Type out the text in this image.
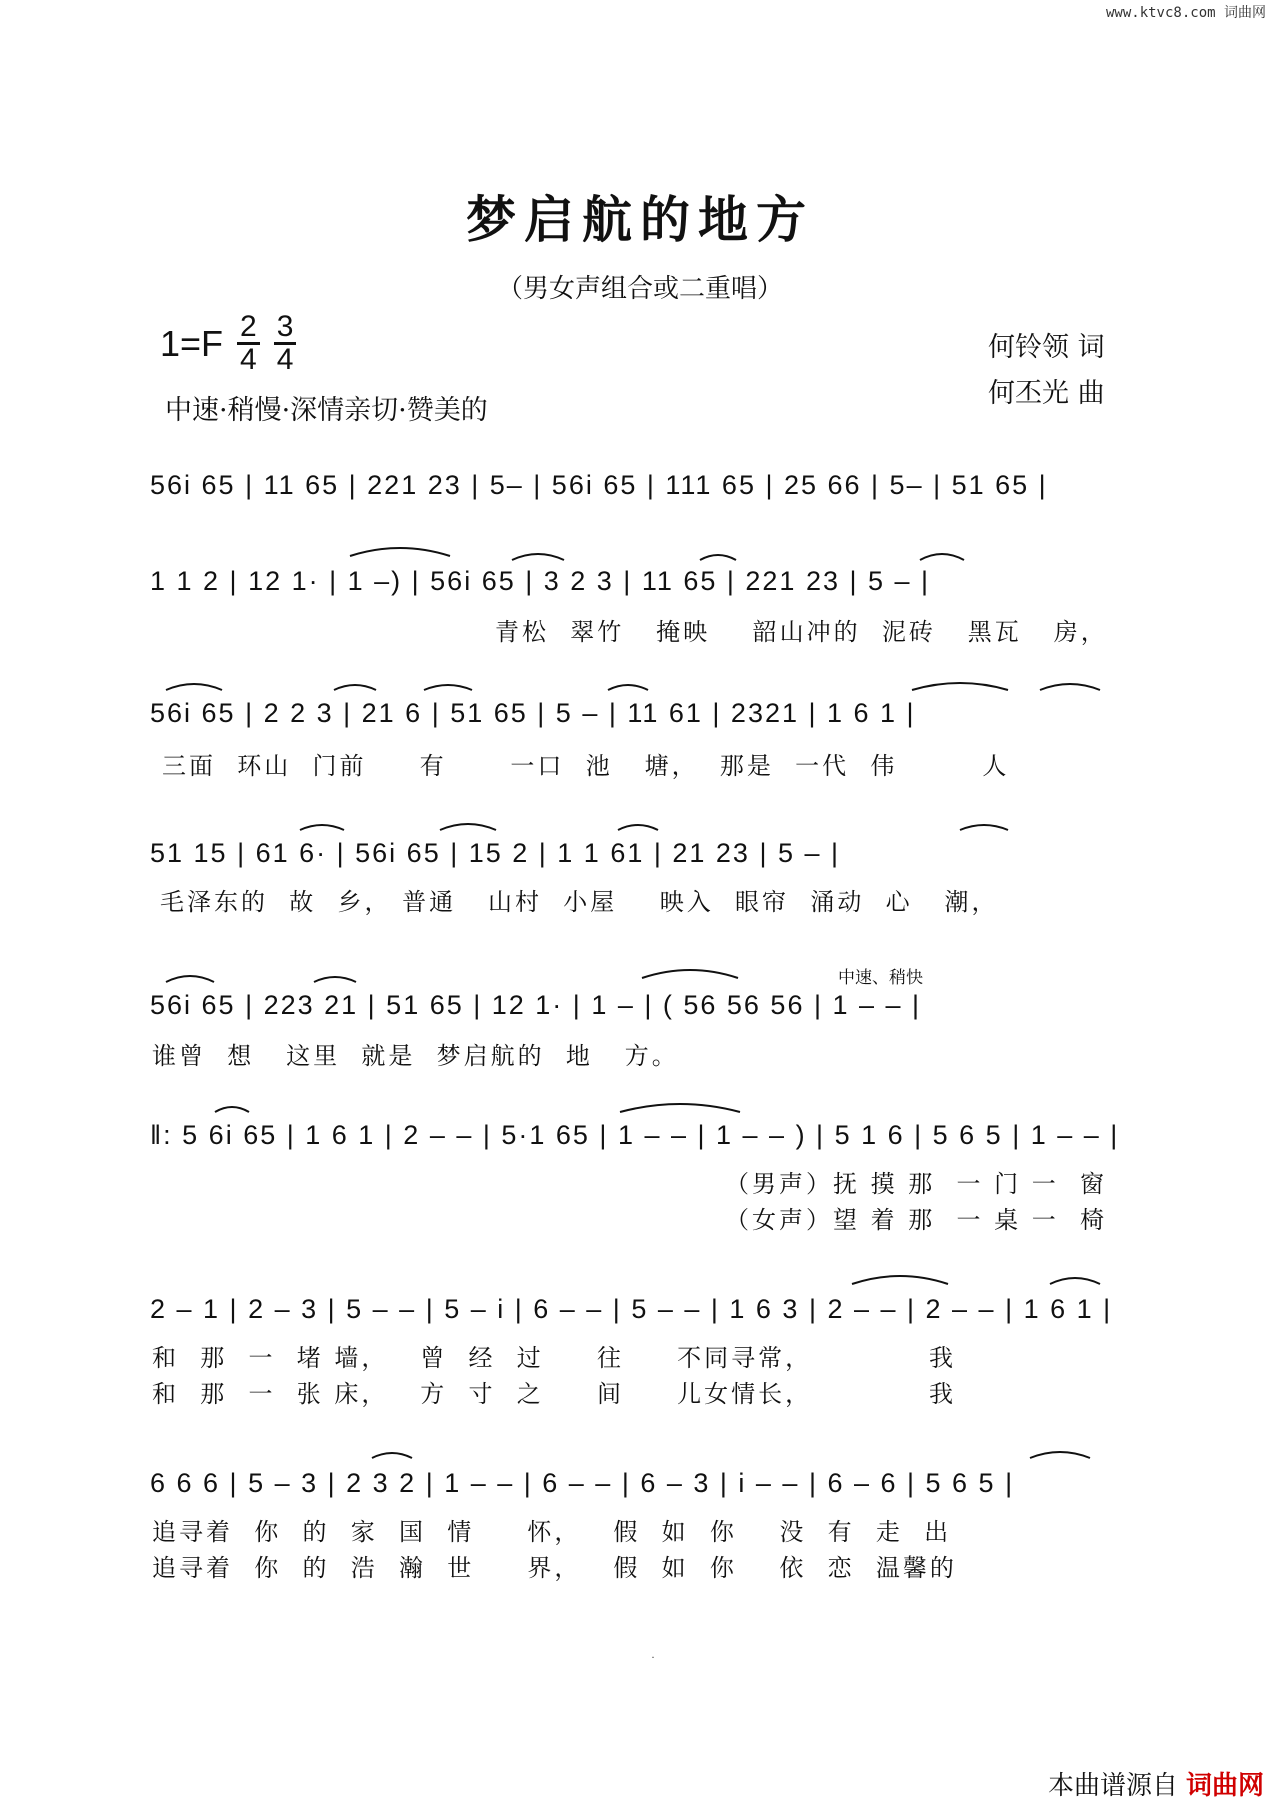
www.ktvc8.com 词曲网
梦启航的地方
（男女声组合或二重唱）
$1=F \frac{2}{4} \frac{3}{4}$
中速·稍慢·深情亲切·赞美的
何铃领 词
何丕光 曲
56i 65 | 11 65 | 221 23 | 5– | 56i 65 | 111 65 | 25 66 | 5– | 51 65 |
1 1 2 | 12 1· | 1 –) | 56i 65 | 3 2 3 | 11 65 | 221 23 | 5 – |
青松  翠竹   掩映    韶山冲的  泥砖   黑瓦   房，
56i 65 | 2 2 3 | 21 6 | 51 65 | 5 – | 11 61 | 2321 | 1 6 1 |
三面  环山  门前     有      一口  池   塘，  那是  一代  伟        人
51 15 | 61 6· | 56i 65 | 15 2 | 1 1 61 | 21 23 | 5 – |
毛泽东的  故  乡， 普通   山村  小屋    映入  眼帘  涌动  心   潮，
中速、稍快
56i 65 | 223 21 | 51 65 | 12 1· | 1 – | ( 56 56 56 | 1 – – |
谁曾  想   这里  就是  梦启航的  地   方。
‖: 5 6i 65 | 1 6 1 | 2 – – | 5·1 65 | 1 – – | 1 – – ) | 5 1 6 | 5 6 5 | 1 – – |
（男声）抚 摸 那  一 门 一  窗
（女声）望 着 那  一 桌 一  椅
2 – 1 | 2 – 3 | 5 – – | 5 – i | 6 – – | 5 – – | 1 6 3 | 2 – – | 2 – – | 1 6 1 |
和  那  一  堵 墙，   曾  经  过     往     不同寻常，           我
和  那  一  张 床，   方  寸  之     间     儿女情长，           我
6 6 6 | 5 – 3 | 2 3 2 | 1 – – | 6 – – | 6 – 3 | i – – | 6 – 6 | 5 6 5 |
追寻着  你  的  家  国  情     怀，   假  如  你    没  有  走  出
追寻着  你  的  浩  瀚  世     界，   假  如  你    依  恋  温馨的
·
本曲谱源自 词曲网
